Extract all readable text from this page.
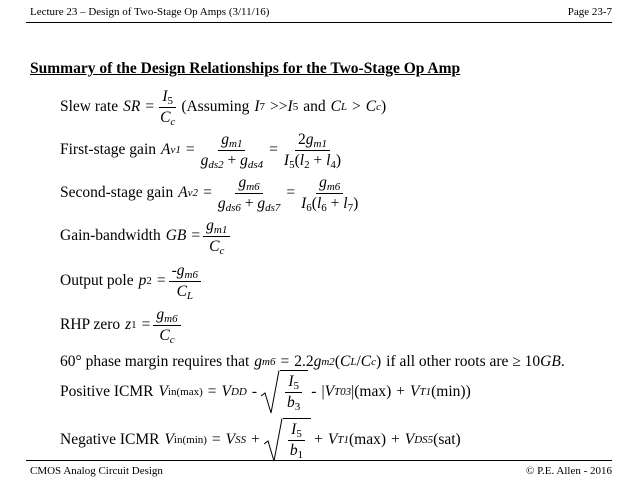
Lecture 23 – Design of Two-Stage Op Amps (3/11/16)	Page 23-7
Summary of the Design Relationships for the Two-Stage Op Amp
Slew rate SR = $\frac{I_5}{C_c}$ (Assuming I 7 >> I 5 and C L > C c )
First-stage gain A $v1 = \frac{g_{m1}}{g_{ds2} + g_{ds4}} = \frac{2g_{m1}}{I_5(l_2 + l_4)}$
Second-stage gain A $v2 = \frac{g_{m6}}{g_{ds6} + g_{ds7}} = \frac{g_{m6}}{I_6(l_6 + l_7)}$
Gain-bandwidth GB = $\frac{g_{m1}}{C_c}$
Output pole p $2 = \frac{-g_{m6}}{C_L}$
RHP zero z $1 = \frac{g_{m6}}{C_c}$
60° phase margin requires that g m6 = 2.2 g m2 ( C L / C c ) if all other roots are ≥ 10 GB .
Positive ICMR V in(max) = V DD - $\frac{I_5}{b_3}$ - | V T03 | (max) + V T1 (min) )
Negative ICMR V in(min) = V SS + $\frac{I_5}{b_1} + V$ T1 (max) + V DS5 (sat)
CMOS Analog Circuit Design	© P.E. Allen - 2016
